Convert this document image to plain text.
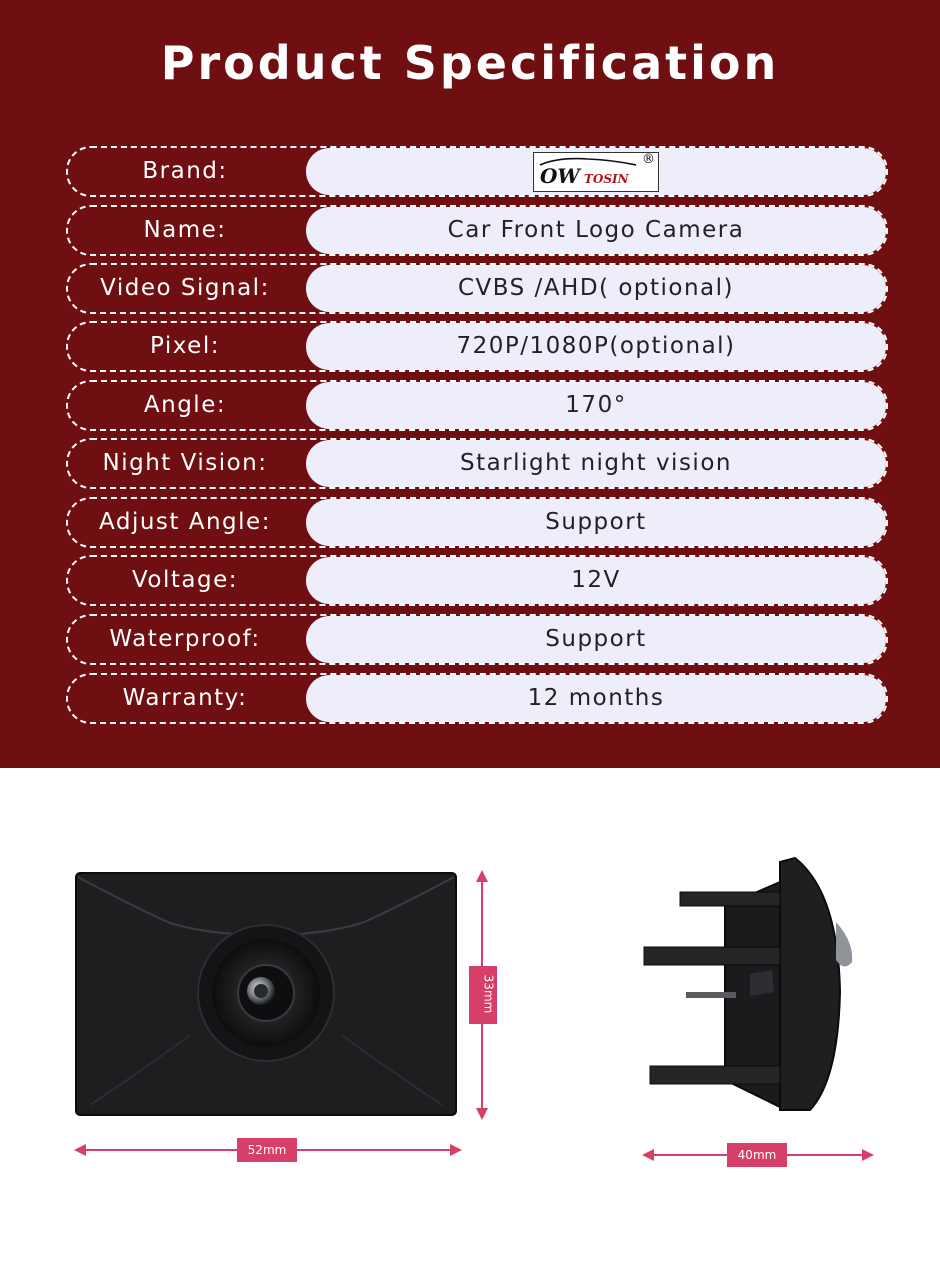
Product Specification
Brand:	OW TOSIN
®
Name:	Car Front Logo Camera
Video Signal:	CVBS /AHD( optional)
Pixel:	720P/1080P(optional)
Angle:	170°
Night Vision:	Starlight night vision
Adjust Angle:	Support
Voltage:	12V
Waterproof:	Support
Warranty:	12 months
33mm
52mm	40mm
